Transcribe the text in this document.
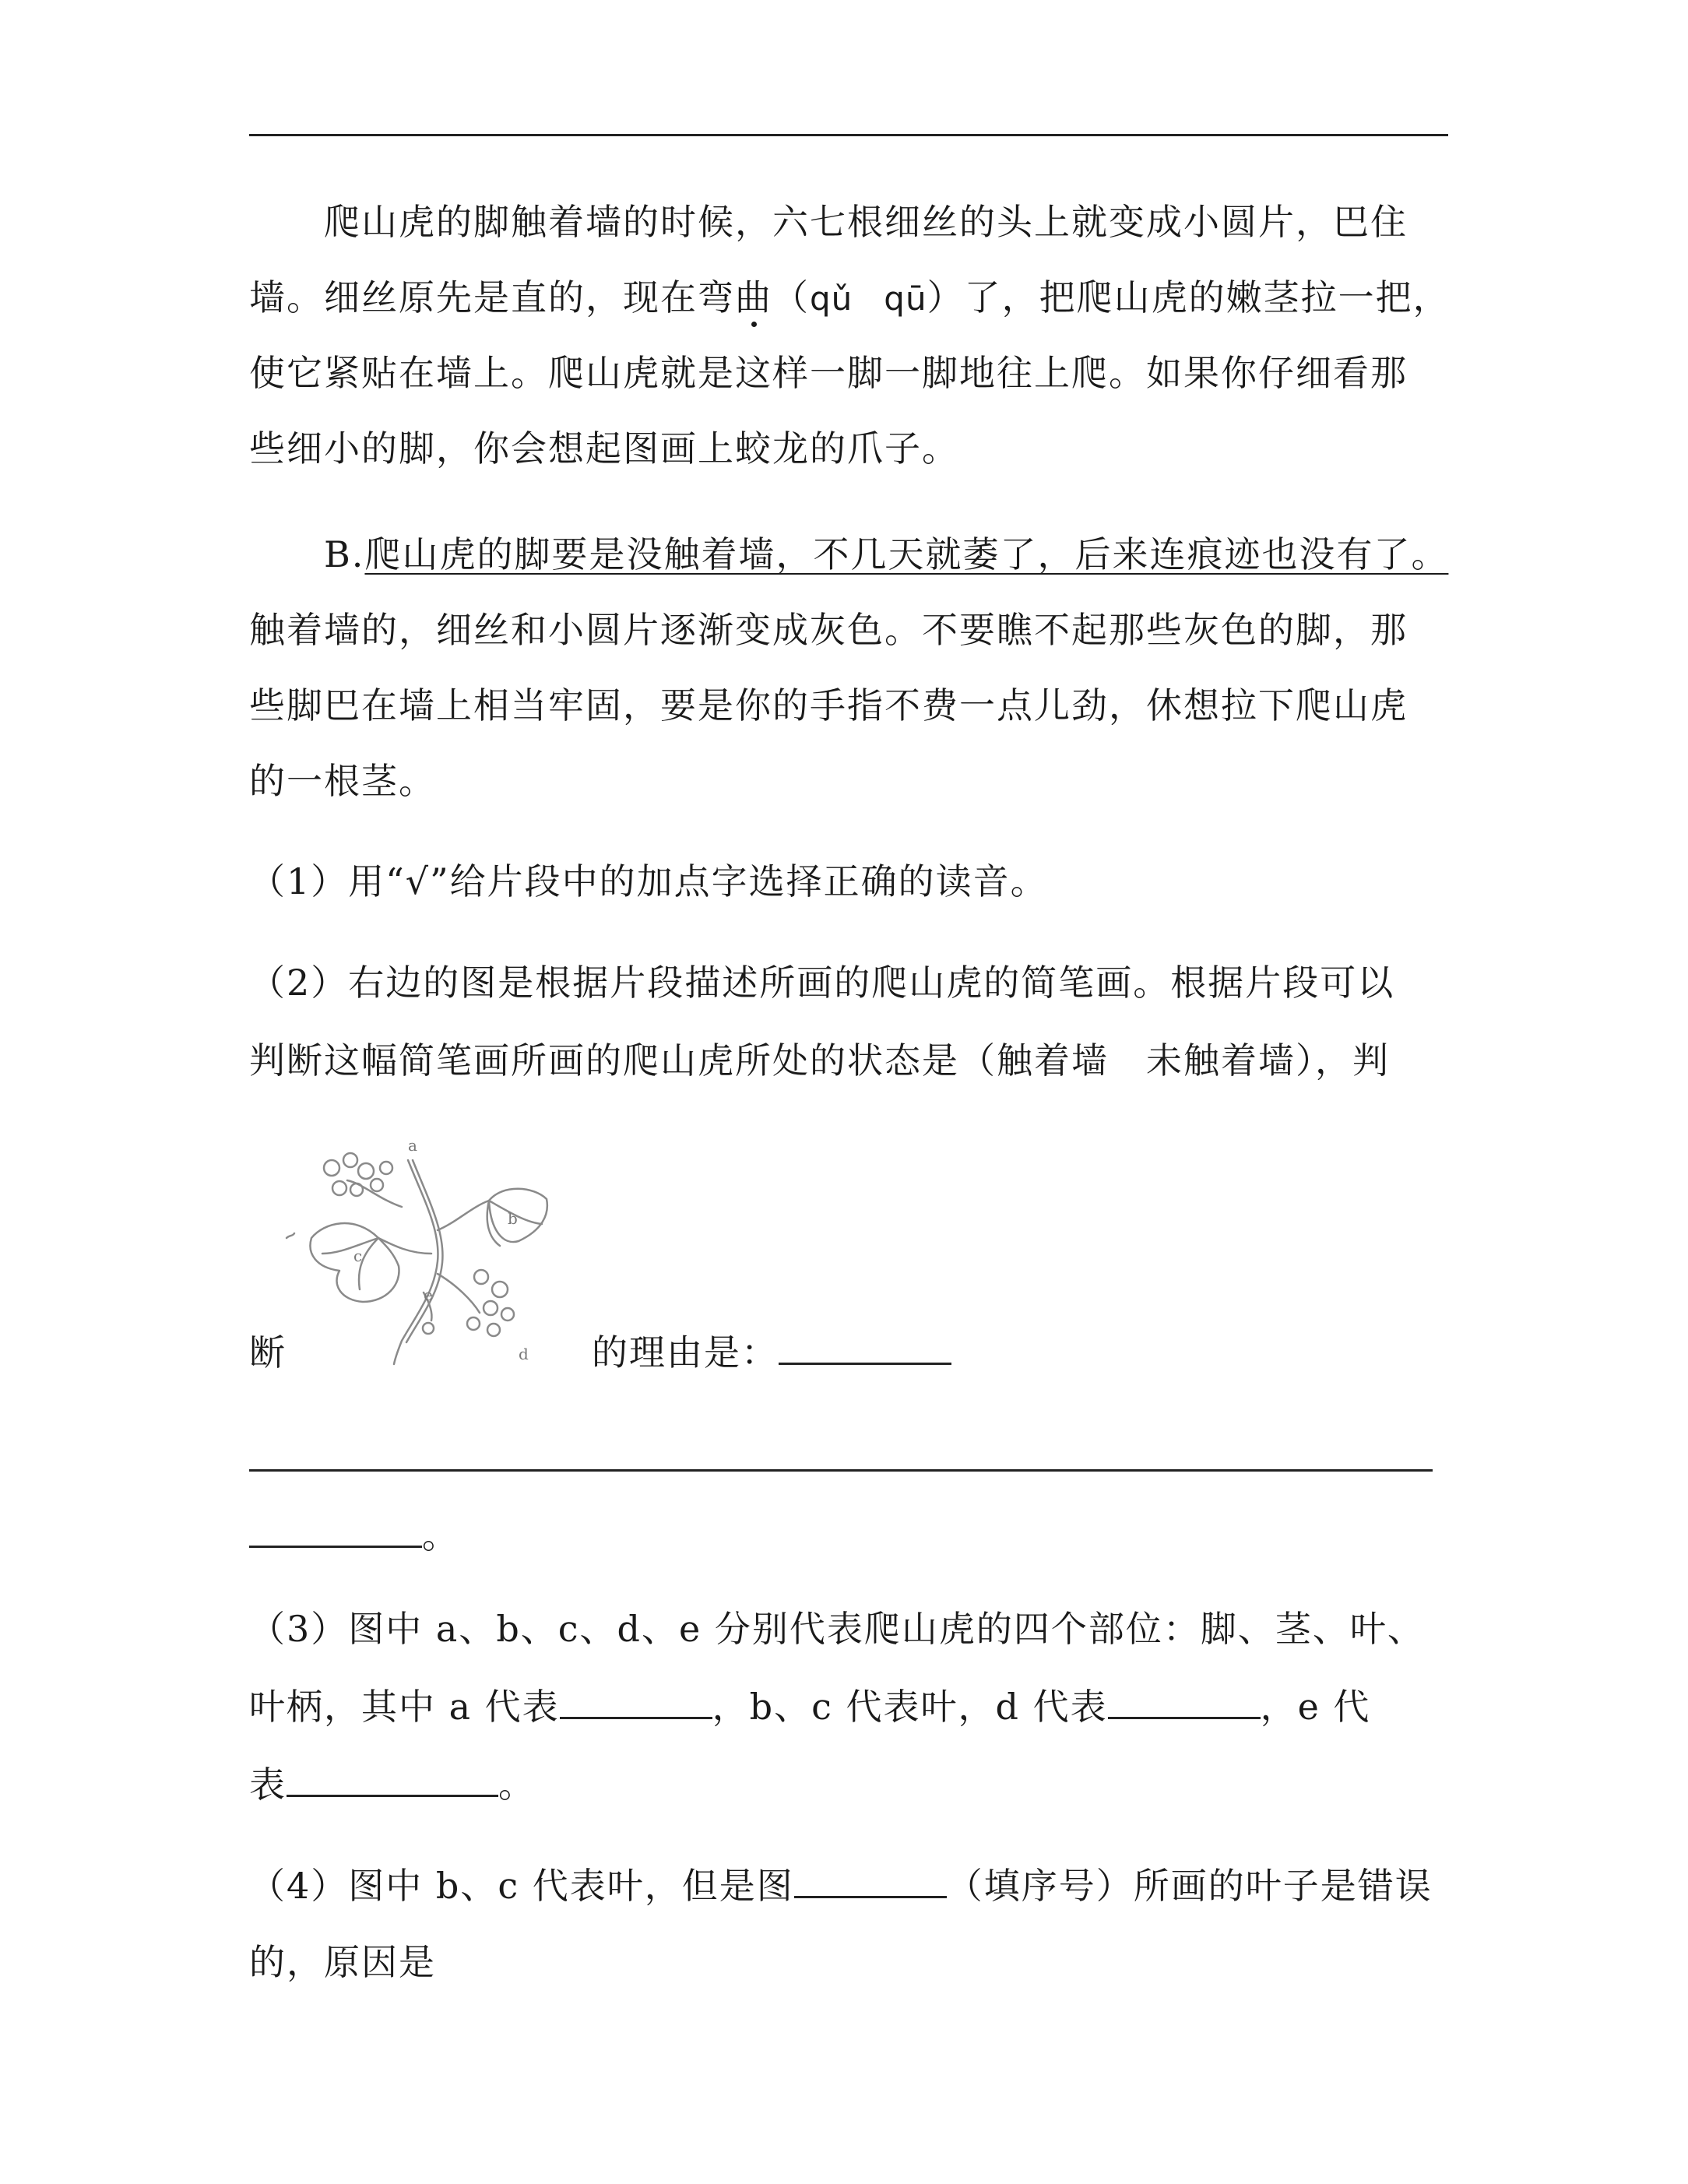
爬山虎的脚触着墙的时候，六七根细丝的头上就变成小圆片，巴住
墙。细丝原先是直的，现在弯曲（qǔ qū）了，把爬山虎的嫩茎拉一把，
使它紧贴在墙上。爬山虎就是这样一脚一脚地往上爬。如果你仔细看那
些细小的脚，你会想起图画上蛟龙的爪子。
B.爬山虎的脚要是没触着墙，不几天就萎了，后来连痕迹也没有了。
触着墙的，细丝和小圆片逐渐变成灰色。不要瞧不起那些灰色的脚，那
些脚巴在墙上相当牢固，要是你的手指不费一点儿劲，休想拉下爬山虎
的一根茎。
（1）用“√”给片段中的加点字选择正确的读音。
（2）右边的图是根据片段描述所画的爬山虎的简笔画。根据片段可以
判断这幅简笔画所画的爬山虎所处的状态是（触着墙　未触着墙），判
a
b
c
d
e
断	的理由是：
。
（3）图中 a、b、c、d、e 分别代表爬山虎的四个部位：脚、茎、叶、
叶柄，其中 a 代表	，b、c 代表叶，d 代表	，e 代
表	。
（4）图中 b、c 代表叶，但是图	（填序号）所画的叶子是错误
的，原因是
